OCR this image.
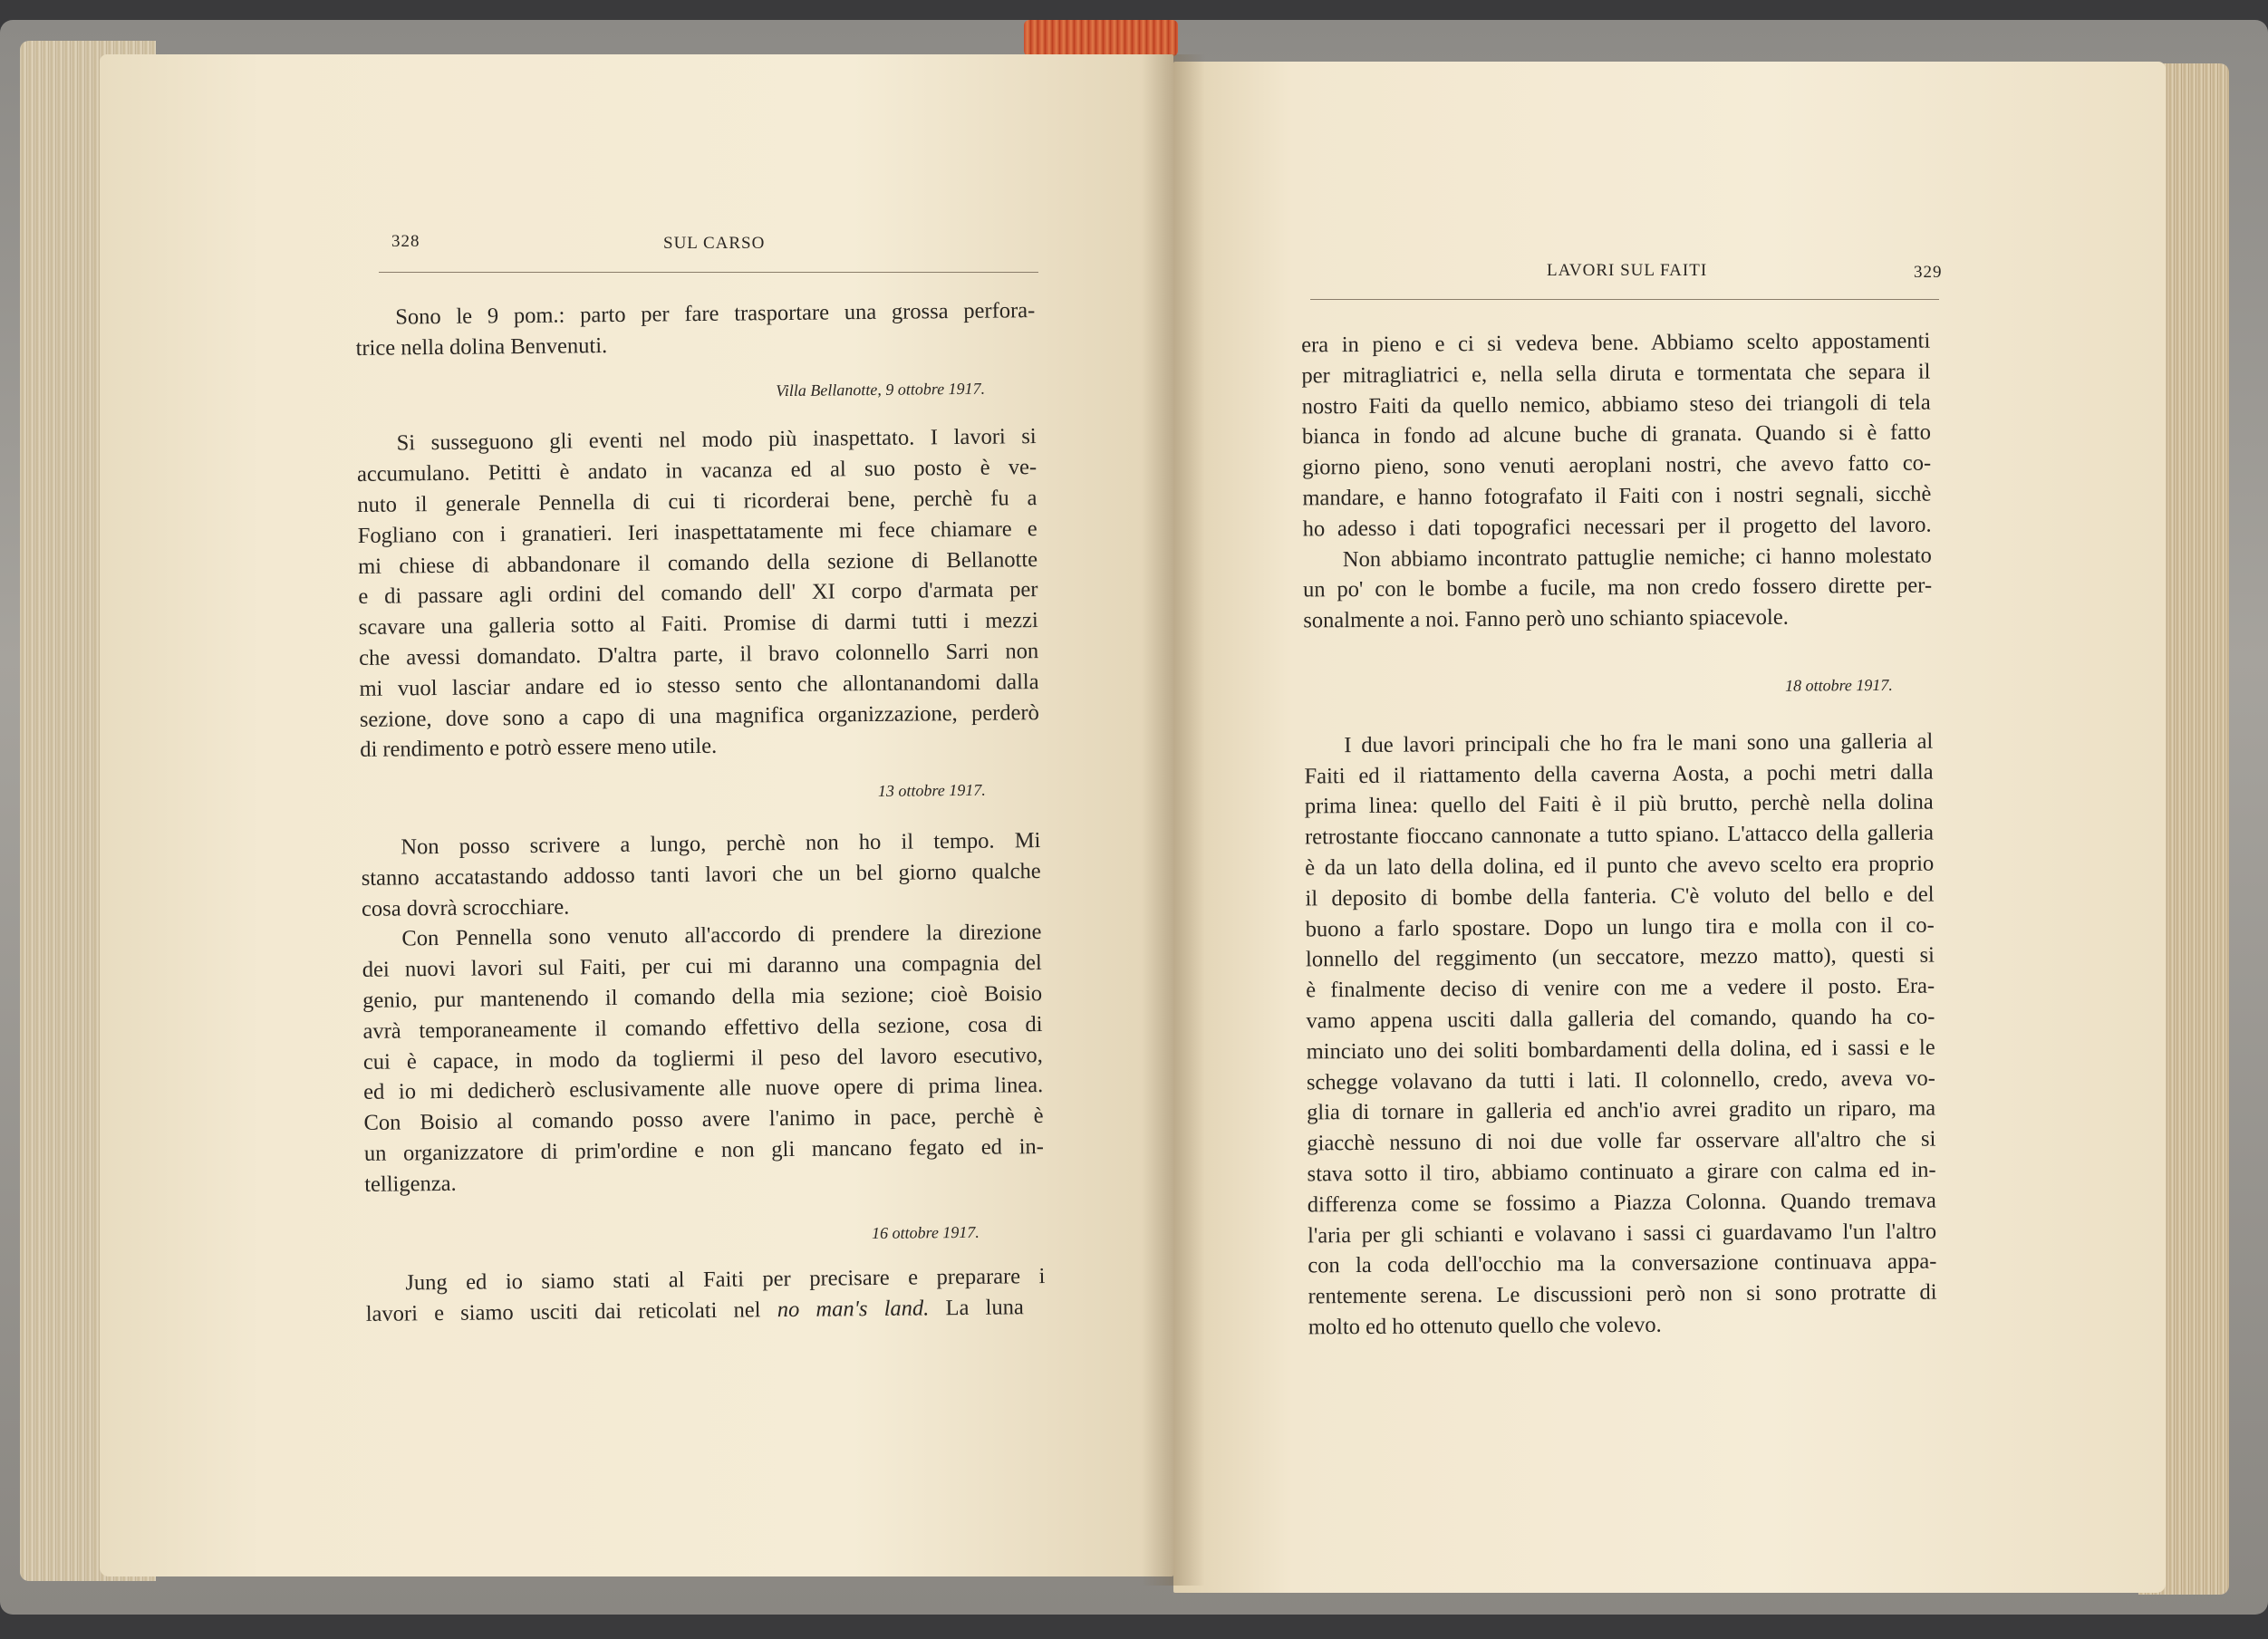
328	SUL CARSO
Sono le 9 pom.: parto per fare trasportare una grossa perfora-
trice nella dolina Benvenuti.
Villa Bellanotte, 9 ottobre 1917.
Si susseguono gli eventi nel modo più inaspettato. I lavori si
accumulano. Petitti è andato in vacanza ed al suo posto è ve-
nuto il generale Pennella di cui ti ricorderai bene, perchè fu a
Fogliano con i granatieri. Ieri inaspettatamente mi fece chiamare e
mi chiese di abbandonare il comando della sezione di Bellanotte
e di passare agli ordini del comando dell' XI corpo d'armata per
scavare una galleria sotto al Faiti. Promise di darmi tutti i mezzi
che avessi domandato. D'altra parte, il bravo colonnello Sarri non
mi vuol lasciar andare ed io stesso sento che allontanandomi dalla
sezione, dove sono a capo di una magnifica organizzazione, perderò
di rendimento e potrò essere meno utile.
13 ottobre 1917.
Non posso scrivere a lungo, perchè non ho il tempo. Mi
stanno accatastando addosso tanti lavori che un bel giorno qualche
cosa dovrà scrocchiare.
Con Pennella sono venuto all'accordo di prendere la direzione
dei nuovi lavori sul Faiti, per cui mi daranno una compagnia del
genio, pur mantenendo il comando della mia sezione; cioè Boisio
avrà temporaneamente il comando effettivo della sezione, cosa di
cui è capace, in modo da togliermi il peso del lavoro esecutivo,
ed io mi dedicherò esclusivamente alle nuove opere di prima linea.
Con Boisio al comando posso avere l'animo in pace, perchè è
un organizzatore di prim'ordine e non gli mancano fegato ed in-
telligenza.
16 ottobre 1917.
Jung ed io siamo stati al Faiti per precisare e preparare i
lavori e siamo usciti dai reticolati nel no man's land. La luna
LAVORI SUL FAITI	329
era in pieno e ci si vedeva bene. Abbiamo scelto appostamenti
per mitragliatrici e, nella sella diruta e tormentata che separa il
nostro Faiti da quello nemico, abbiamo steso dei triangoli di tela
bianca in fondo ad alcune buche di granata. Quando si è fatto
giorno pieno, sono venuti aeroplani nostri, che avevo fatto co-
mandare, e hanno fotografato il Faiti con i nostri segnali, sicchè
ho adesso i dati topografici necessari per il progetto del lavoro.
Non abbiamo incontrato pattuglie nemiche; ci hanno molestato
un po' con le bombe a fucile, ma non credo fossero dirette per-
sonalmente a noi. Fanno però uno schianto spiacevole.
18 ottobre 1917.
I due lavori principali che ho fra le mani sono una galleria al
Faiti ed il riattamento della caverna Aosta, a pochi metri dalla
prima linea: quello del Faiti è il più brutto, perchè nella dolina
retrostante fioccano cannonate a tutto spiano. L'attacco della galleria
è da un lato della dolina, ed il punto che avevo scelto era proprio
il deposito di bombe della fanteria. C'è voluto del bello e del
buono a farlo spostare. Dopo un lungo tira e molla con il co-
lonnello del reggimento (un seccatore, mezzo matto), questi si
è finalmente deciso di venire con me a vedere il posto. Era-
vamo appena usciti dalla galleria del comando, quando ha co-
minciato uno dei soliti bombardamenti della dolina, ed i sassi e le
schegge volavano da tutti i lati. Il colonnello, credo, aveva vo-
glia di tornare in galleria ed anch'io avrei gradito un riparo, ma
giacchè nessuno di noi due volle far osservare all'altro che si
stava sotto il tiro, abbiamo continuato a girare con calma ed in-
differenza come se fossimo a Piazza Colonna. Quando tremava
l'aria per gli schianti e volavano i sassi ci guardavamo l'un l'altro
con la coda dell'occhio ma la conversazione continuava appa-
rentemente serena. Le discussioni però non si sono protratte di
molto ed ho ottenuto quello che volevo.
